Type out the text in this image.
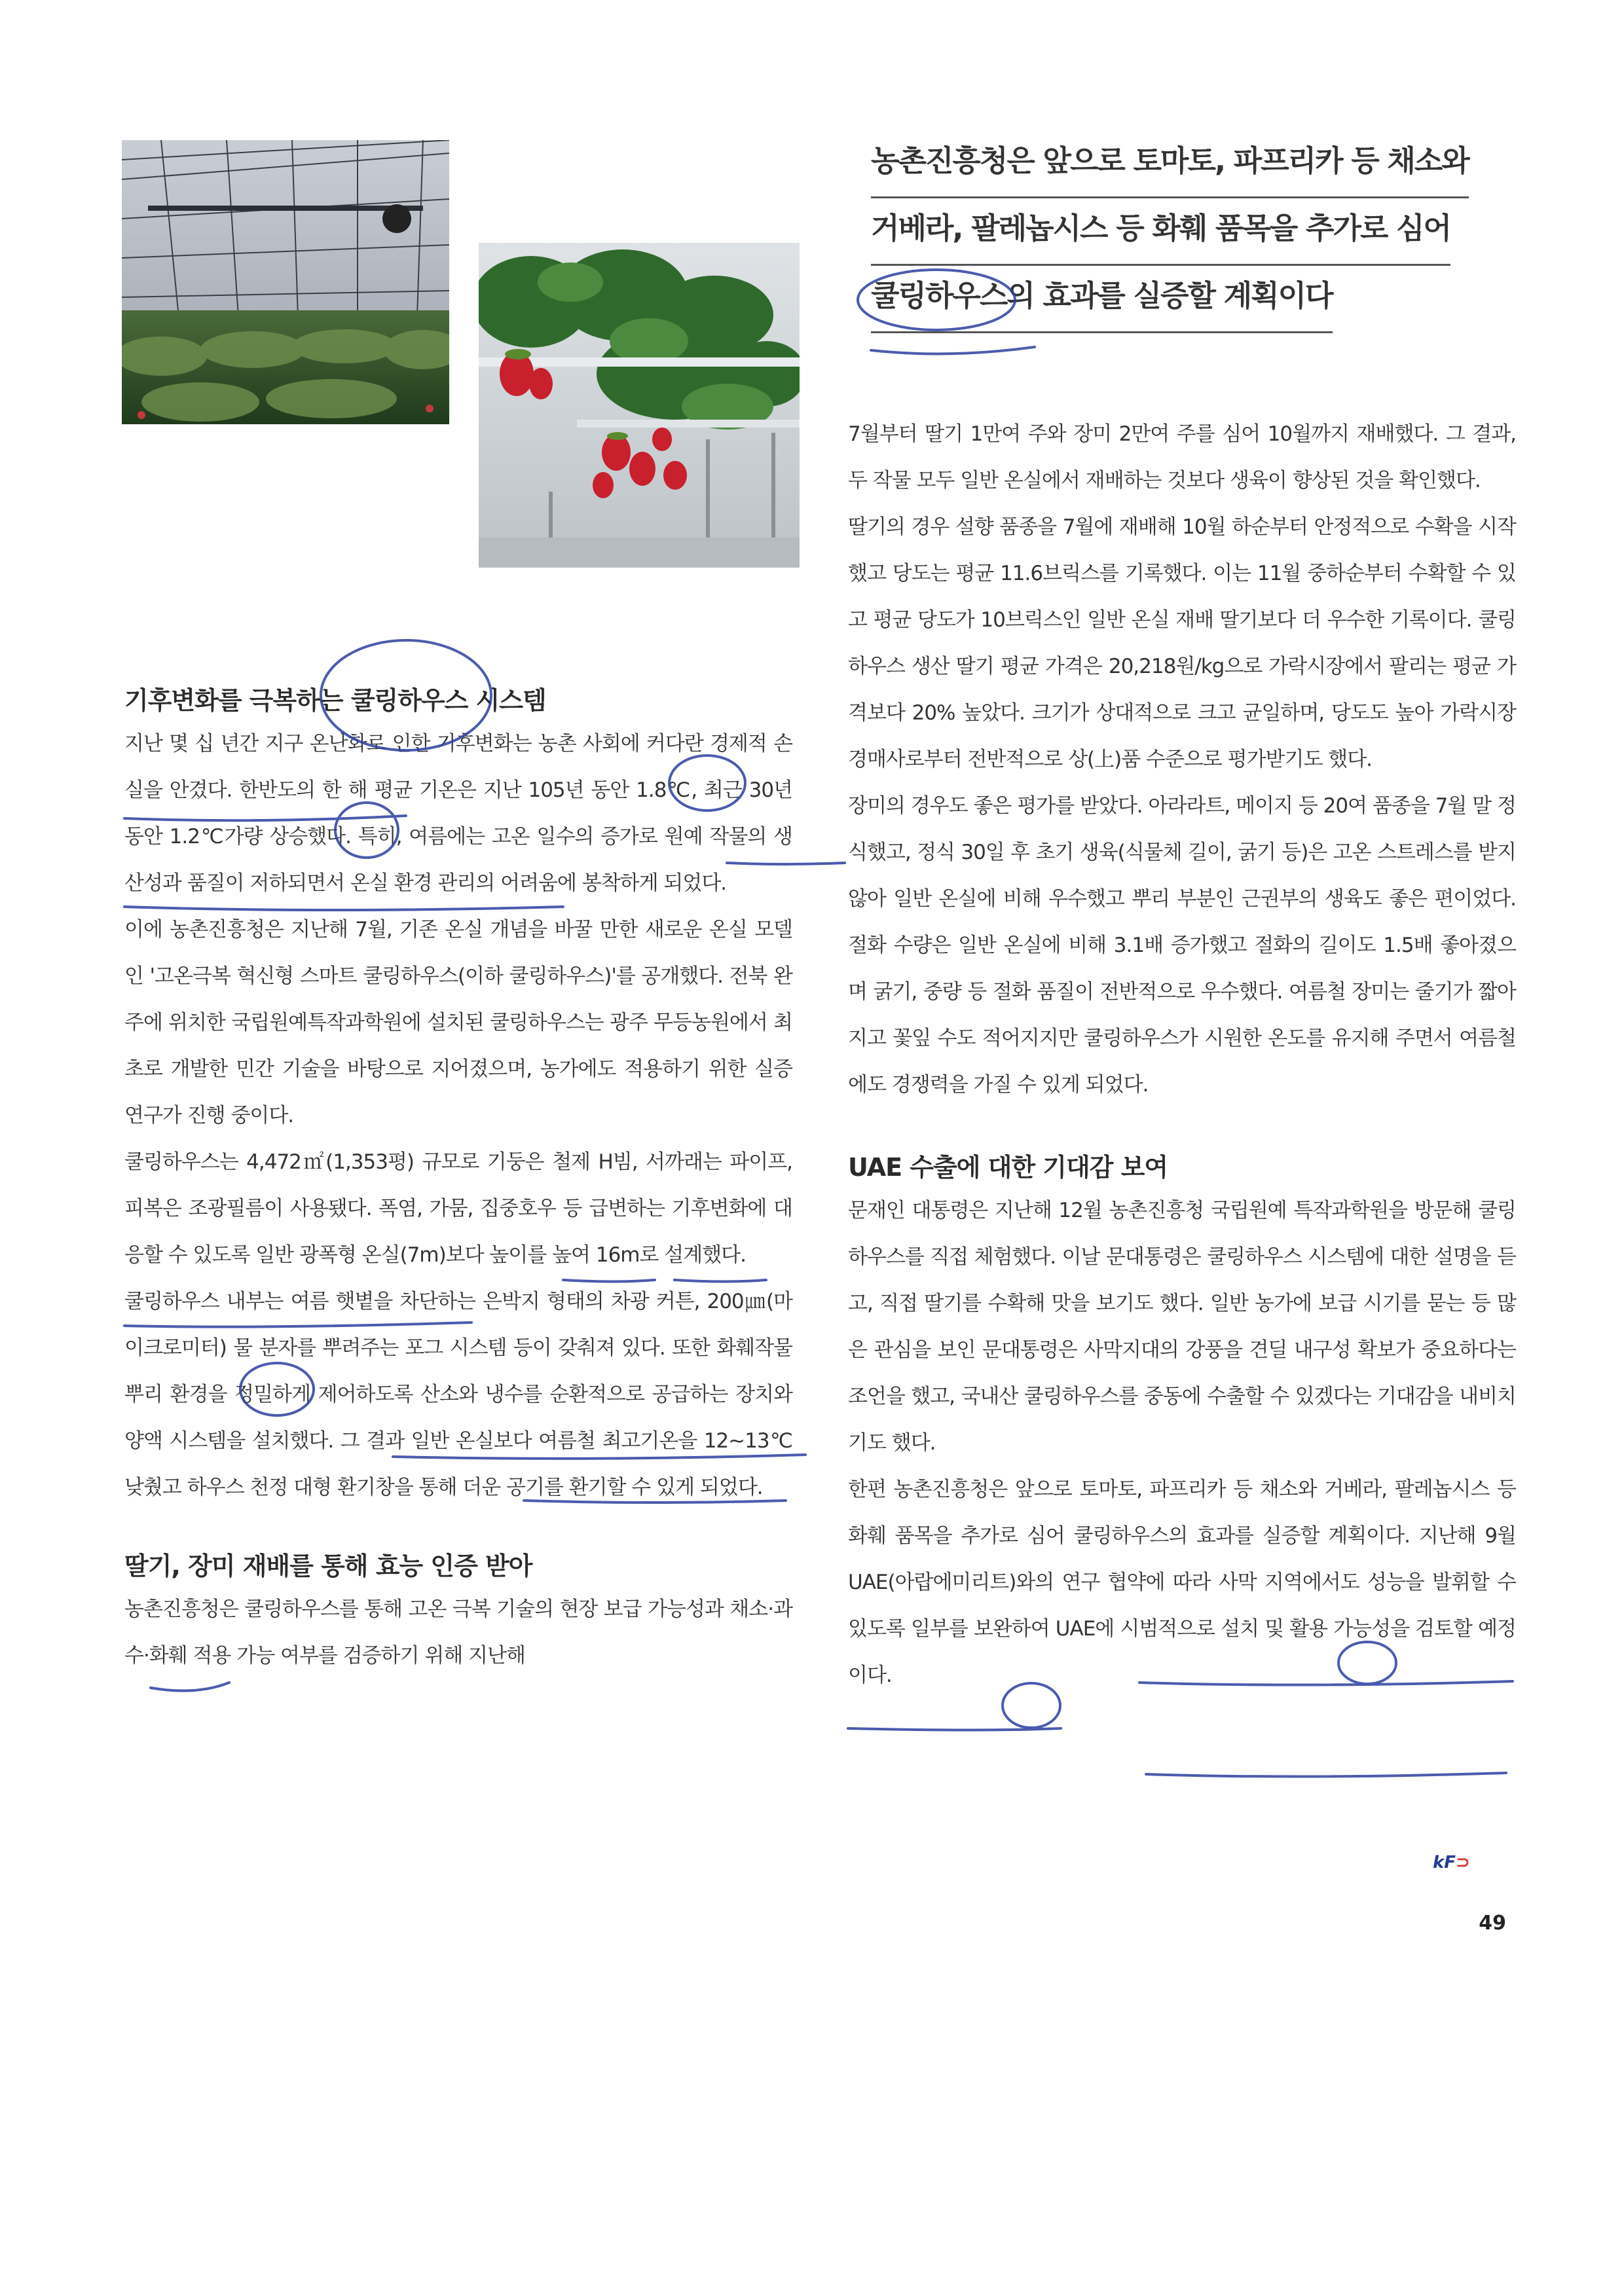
농촌진흥청은 앞으로 토마토, 파프리카 등 채소와
거베라, 팔레놉시스 등 화훼 품목을 추가로 심어
쿨링하우스의 효과를 실증할 계획이다
기후변화를 극복하는 쿨링하우스 시스템

지난 몇 십 년간 지구 온난화로 인한 기후변화는 농촌 사회에 커다란 경제적 손실을 안겼다. 한반도의 한 해 평균 기온은 지난 105년 동안 1.8℃, 최근 30년 동안 1.2℃가량 상승했다. 특히, 여름에는 고온 일수의 증가로 원예 작물의 생산성과 품질이 저하되면서 온실 환경 관리의 어려움에 봉착하게 되었다.

이에 농촌진흥청은 지난해 7월, 기존 온실 개념을 바꿀 만한 새로운 온실 모델인 '고온극복 혁신형 스마트 쿨링하우스(이하 쿨링하우스)'를 공개했다. 전북 완주에 위치한 국립원예특작과학원에 설치된 쿨링하우스는 광주 무등농원에서 최초로 개발한 민간 기술을 바탕으로 지어졌으며, 농가에도 적용하기 위한 실증 연구가 진행 중이다.

쿨링하우스는 4,472㎡(1,353평) 규모로 기둥은 철제 H빔, 서까래는 파이프, 피복은 조광필름이 사용됐다. 폭염, 가뭄, 집중호우 등 급변하는 기후변화에 대응할 수 있도록 일반 광폭형 온실(7m)보다 높이를 높여 16m로 설계했다.

쿨링하우스 내부는 여름 햇볕을 차단하는 은박지 형태의 차광 커튼, 200㎛(마이크로미터) 물 분자를 뿌려주는 포그 시스템 등이 갖춰져 있다. 또한 화훼작물 뿌리 환경을 정밀하게 제어하도록 산소와 냉수를 순환적으로 공급하는 장치와 양액 시스템을 설치했다. 그 결과 일반 온실보다 여름철 최고기온을 12~13℃ 낮췄고 하우스 천정 대형 환기창을 통해 더운 공기를 환기할 수 있게 되었다.

딸기, 장미 재배를 통해 효능 인증 받아

농촌진흥청은 쿨링하우스를 통해 고온 극복 기술의 현장 보급 가능성과 채소·과수·화훼 적용 가능 여부를 검증하기 위해 지난해

7월부터 딸기 1만여 주와 장미 2만여 주를 심어 10월까지 재배했다. 그 결과, 두 작물 모두 일반 온실에서 재배하는 것보다 생육이 향상된 것을 확인했다.

딸기의 경우 설향 품종을 7월에 재배해 10월 하순부터 안정적으로 수확을 시작했고 당도는 평균 11.6브릭스를 기록했다. 이는 11월 중하순부터 수확할 수 있고 평균 당도가 10브릭스인 일반 온실 재배 딸기보다 더 우수한 기록이다. 쿨링하우스 생산 딸기 평균 가격은 20,218원/kg으로 가락시장에서 팔리는 평균 가격보다 20% 높았다. 크기가 상대적으로 크고 균일하며, 당도도 높아 가락시장 경매사로부터 전반적으로 상(上)품 수준으로 평가받기도 했다.

장미의 경우도 좋은 평가를 받았다. 아라라트, 메이지 등 20여 품종을 7월 말 정식했고, 정식 30일 후 초기 생육(식물체 길이, 굵기 등)은 고온 스트레스를 받지 않아 일반 온실에 비해 우수했고 뿌리 부분인 근권부의 생육도 좋은 편이었다. 절화 수량은 일반 온실에 비해 3.1배 증가했고 절화의 길이도 1.5배 좋아졌으며 굵기, 중량 등 절화 품질이 전반적으로 우수했다. 여름철 장미는 줄기가 짧아지고 꽃잎 수도 적어지지만 쿨링하우스가 시원한 온도를 유지해 주면서 여름철에도 경쟁력을 가질 수 있게 되었다.

UAE 수출에 대한 기대감 보여

문재인 대통령은 지난해 12월 농촌진흥청 국립원예 특작과학원을 방문해 쿨링하우스를 직접 체험했다. 이날 문대통령은 쿨링하우스 시스템에 대한 설명을 듣고, 직접 딸기를 수확해 맛을 보기도 했다. 일반 농가에 보급 시기를 묻는 등 많은 관심을 보인 문대통령은 사막지대의 강풍을 견딜 내구성 확보가 중요하다는 조언을 했고, 국내산 쿨링하우스를 중동에 수출할 수 있겠다는 기대감을 내비치기도 했다.

한편 농촌진흥청은 앞으로 토마토, 파프리카 등 채소와 거베라, 팔레놉시스 등 화훼 품목을 추가로 심어 쿨링하우스의 효과를 실증할 계획이다. 지난해 9월 UAE(아랍에미리트)와의 연구 협약에 따라 사막 지역에서도 성능을 발휘할 수 있도록 일부를 보완하여 UAE에 시범적으로 설치 및 활용 가능성을 검토할 예정이다.

kF⊃
49
